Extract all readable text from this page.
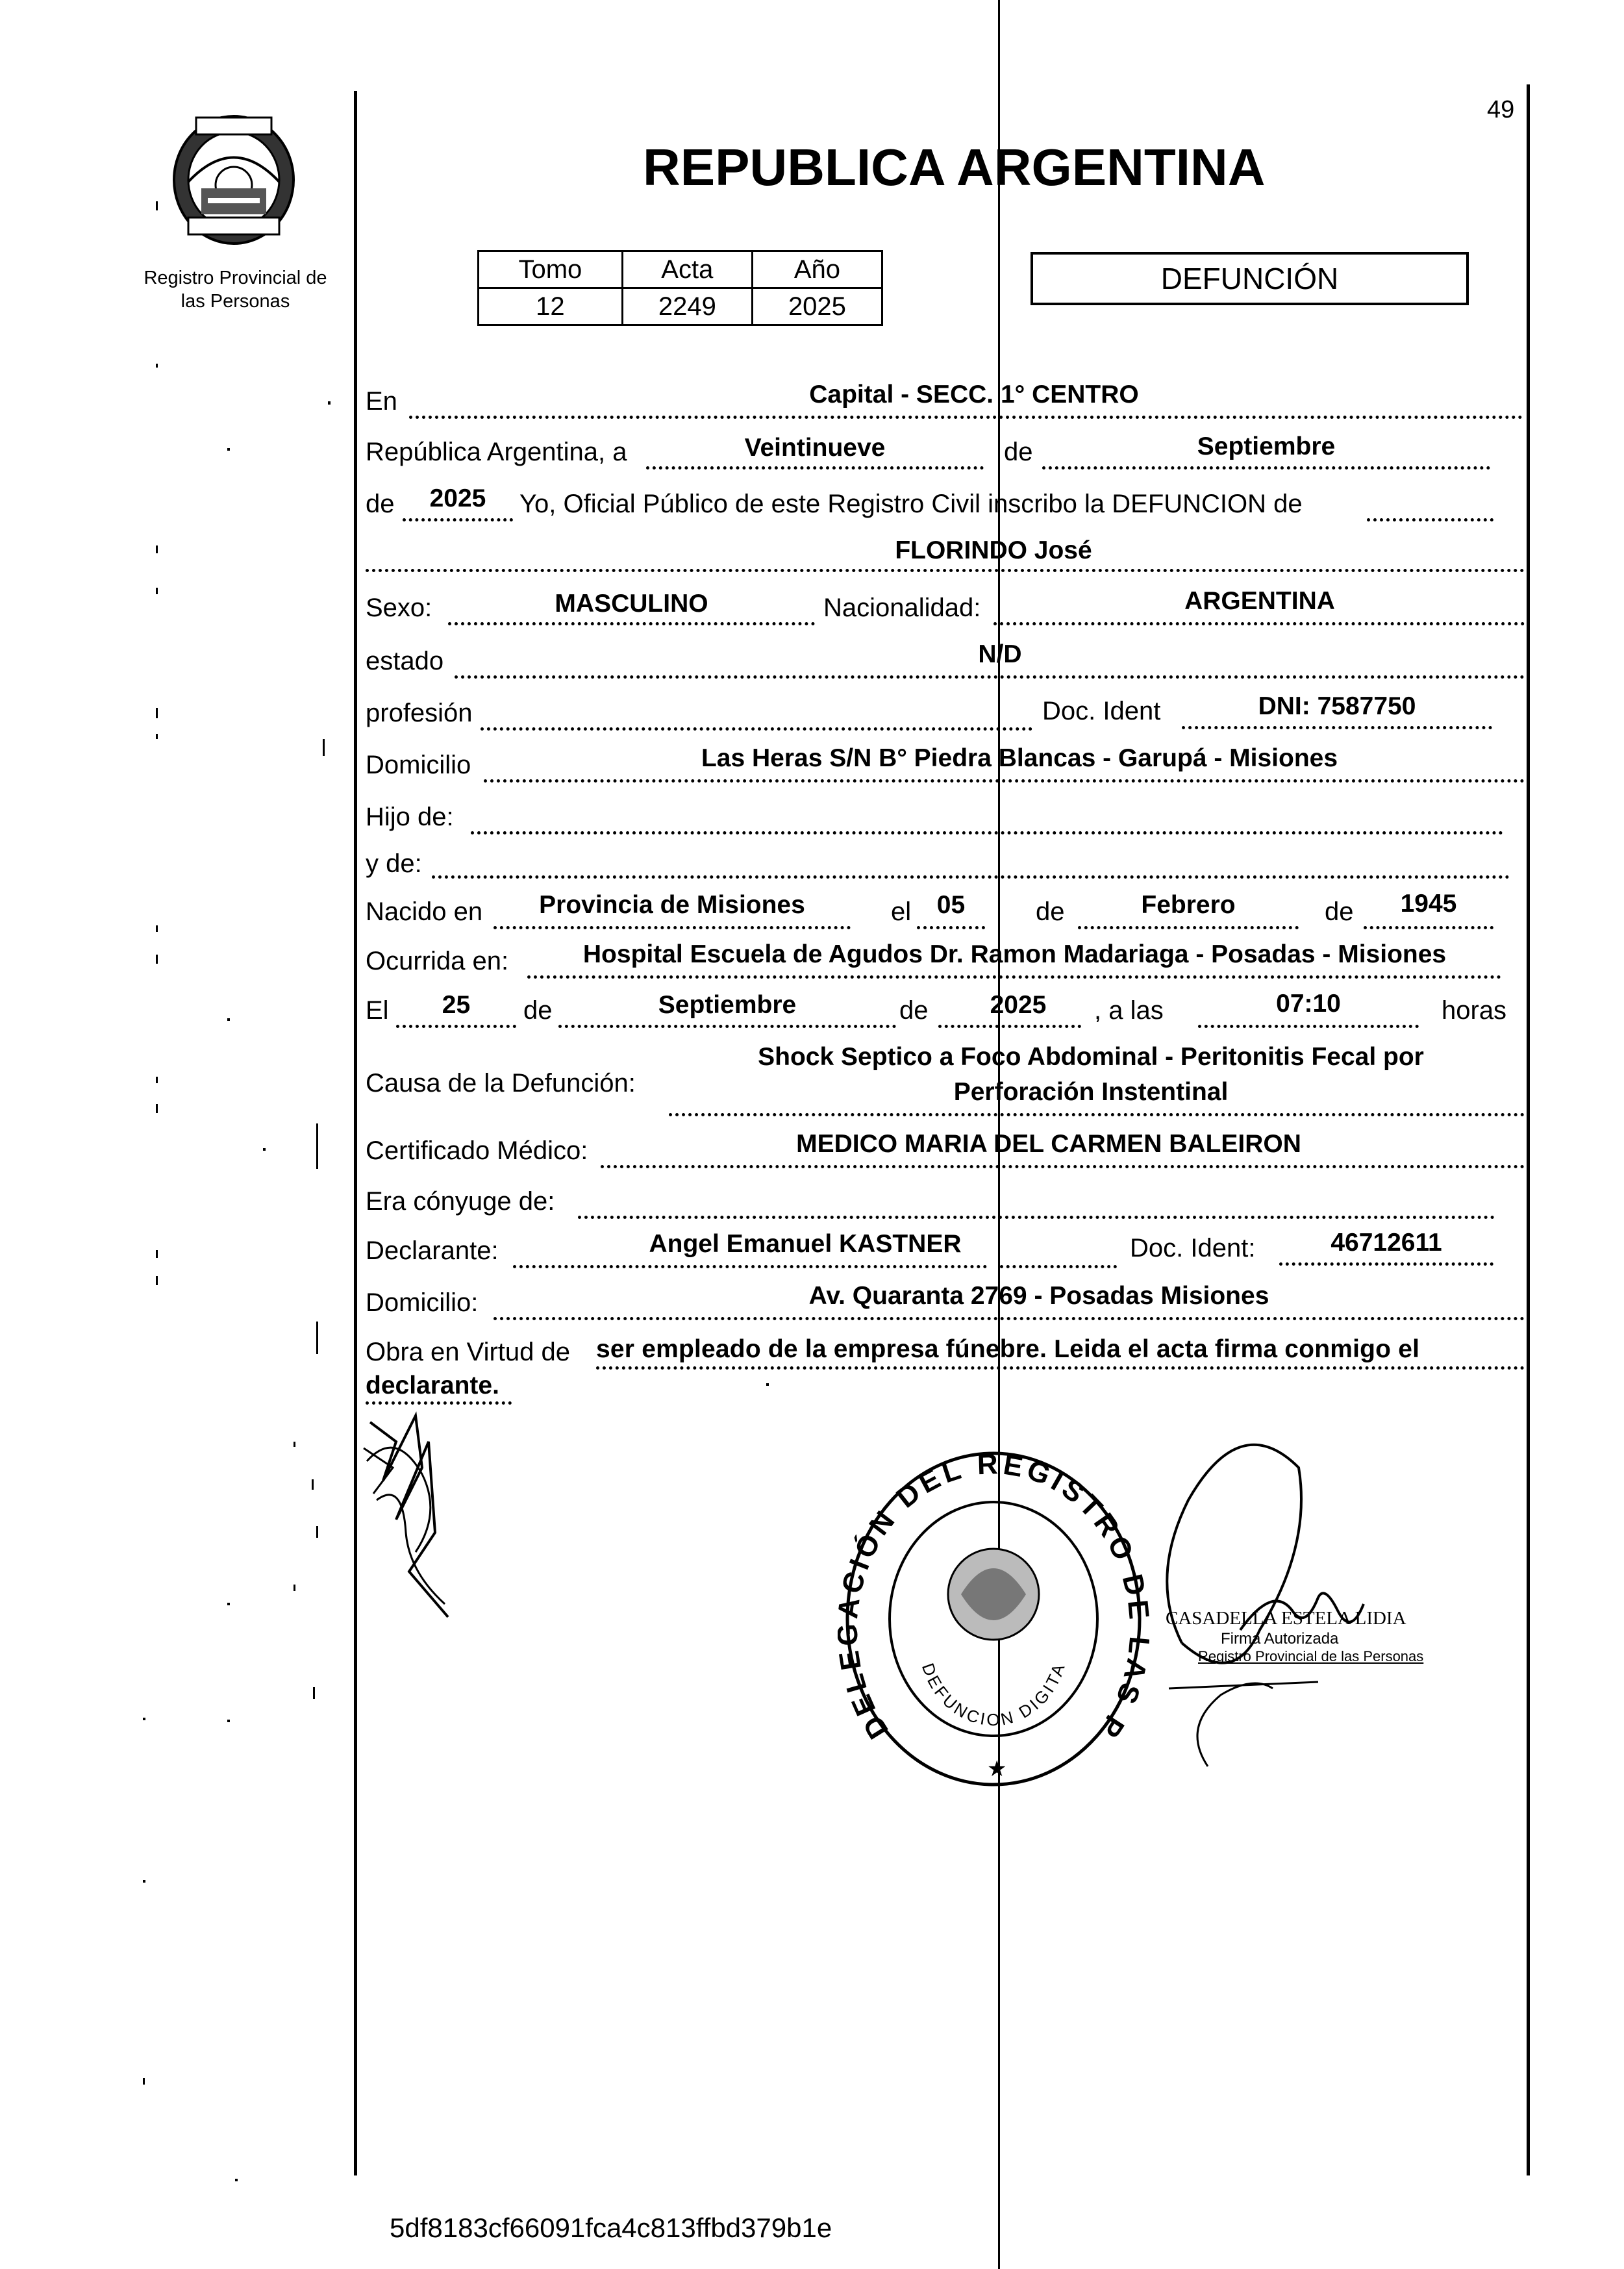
Registro Provincial de
las Personas
49
REPUBLICA ARGENTINA
Tomo	Acta	Año
12	2249	2025
DEFUNCIÓN
En	Capital - SECC. 1° CENTRO
República Argentina, a	Veintinueve	de	Septiembre
de	2025	Yo, Oficial Público de este Registro Civil inscribo la DEFUNCION de
FLORINDO José
Sexo:	MASCULINO	Nacionalidad:	ARGENTINA
estado	N/D
profesión	Doc. Ident	DNI: 7587750
Domicilio	Las Heras S/N B° Piedra Blancas - Garupá - Misiones
Hijo de:
y de:
Nacido en	Provincia de Misiones	el	05	de	Febrero	de	1945
Ocurrida en:	Hospital Escuela de Agudos Dr. Ramon Madariaga - Posadas - Misiones
El	25	de	Septiembre	de	2025	, a las	07:10	horas
Causa de la Defunción:
Shock Septico a Foco Abdominal - Peritonitis Fecal por
Perforación Instentinal
Certificado Médico:	MEDICO MARIA DEL CARMEN BALEIRON
Era cónyuge de:
Declarante:	Angel Emanuel KASTNER	Doc. Ident:	46712611
Domicilio:	Av. Quaranta 2769 - Posadas Misiones
Obra en Virtud de ser empleado de la empresa fúnebre. Leida el acta firma conmigo el
declarante.
DEL CIÓN DEL REGISTRO D AS P
DEFUNCION DIGITA
★
CASADELLA ESTELA LIDIA
Firma Autorizada
Registro Provincial de las Personas
5df8183cf66091fca4c813ffbd379b1e
